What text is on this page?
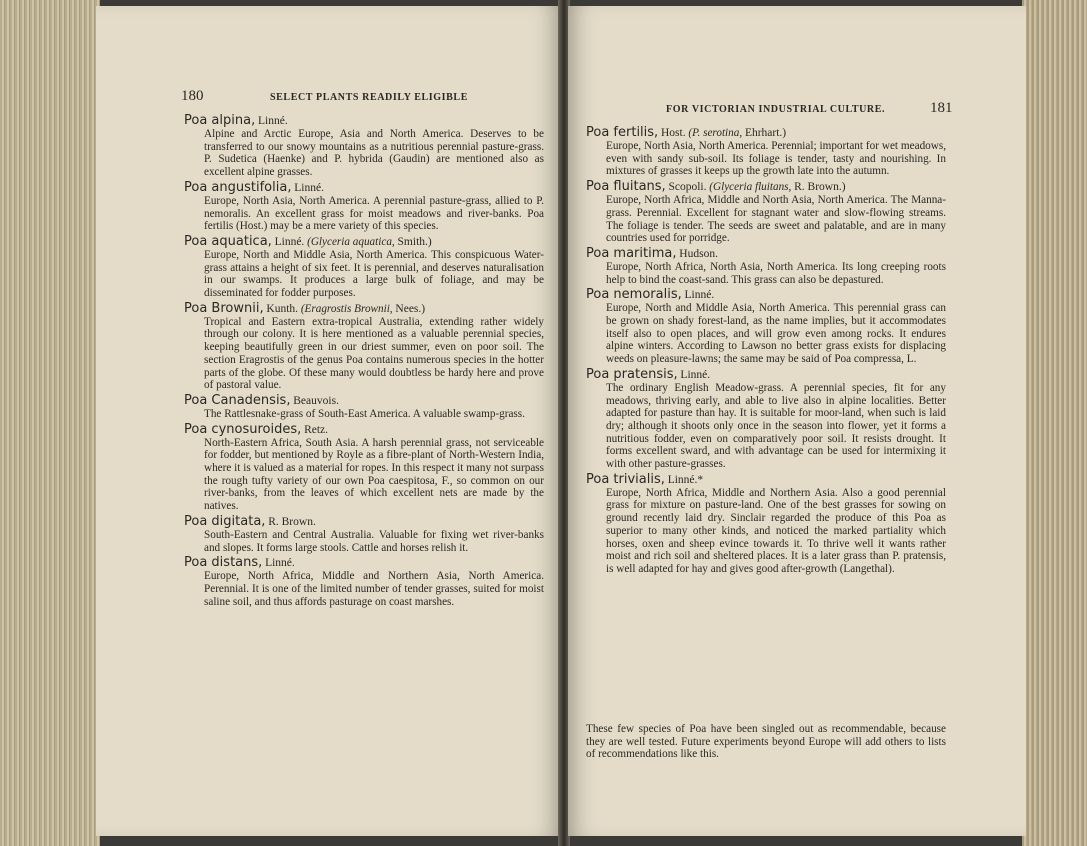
180	SELECT PLANTS READILY ELIGIBLE
Poa alpina, Linné.
Alpine and Arctic Europe, Asia and North America. Deserves to be transferred to our snowy mountains as a nutritious perennial pasture-grass. P. Sudetica (Haenke) and P. hybrida (Gaudin) are mentioned also as excellent alpine grasses.
Poa angustifolia, Linné.
Europe, North Asia, North America. A perennial pasture-grass, allied to P. nemoralis. An excellent grass for moist meadows and river-banks. Poa fertilis (Host.) may be a mere variety of this species.
Poa aquatica, Linné. (Glyceria aquatica, Smith.)
Europe, North and Middle Asia, North America. This conspicuous Water-grass attains a height of six feet. It is perennial, and deserves naturalisation in our swamps. It produces a large bulk of foliage, and may be disseminated for fodder purposes.
Poa Brownii, Kunth. (Eragrostis Brownii, Nees.)
Tropical and Eastern extra-tropical Australia, extending rather widely through our colony. It is here mentioned as a valuable perennial species, keeping beautifully green in our driest summer, even on poor soil. The section Eragrostis of the genus Poa contains numerous species in the hotter parts of the globe. Of these many would doubtless be hardy here and prove of pastoral value.
Poa Canadensis, Beauvois.
The Rattlesnake-grass of South-East America. A valuable swamp-grass.
Poa cynosuroides, Retz.
North-Eastern Africa, South Asia. A harsh perennial grass, not serviceable for fodder, but mentioned by Royle as a fibre-plant of North-Western India, where it is valued as a material for ropes. In this respect it many not surpass the rough tufty variety of our own Poa caespitosa, F., so common on our river-banks, from the leaves of which excellent nets are made by the natives.
Poa digitata, R. Brown.
South-Eastern and Central Australia. Valuable for fixing wet river-banks and slopes. It forms large stools. Cattle and horses relish it.
Poa distans, Linné.
Europe, North Africa, Middle and Northern Asia, North America. Perennial. It is one of the limited number of tender grasses, suited for moist saline soil, and thus affords pasturage on coast marshes.
FOR VICTORIAN INDUSTRIAL CULTURE.	181
Poa fertilis, Host. (P. serotina, Ehrhart.)
Europe, North Asia, North America. Perennial; important for wet meadows, even with sandy sub-soil. Its foliage is tender, tasty and nourishing. In mixtures of grasses it keeps up the growth late into the autumn.
Poa fluitans, Scopoli. (Glyceria fluitans, R. Brown.)
Europe, North Africa, Middle and North Asia, North America. The Manna-grass. Perennial. Excellent for stagnant water and slow-flowing streams. The foliage is tender. The seeds are sweet and palatable, and are in many countries used for porridge.
Poa maritima, Hudson.
Europe, North Africa, North Asia, North America. Its long creeping roots help to bind the coast-sand. This grass can also be depastured.
Poa nemoralis, Linné.
Europe, North and Middle Asia, North America. This perennial grass can be grown on shady forest-land, as the name implies, but it accommodates itself also to open places, and will grow even among rocks. It endures alpine winters. According to Lawson no better grass exists for displacing weeds on pleasure-lawns; the same may be said of Poa compressa, L.
Poa pratensis, Linné.
The ordinary English Meadow-grass. A perennial species, fit for any meadows, thriving early, and able to live also in alpine localities. Better adapted for pasture than hay. It is suitable for moor-land, when such is laid dry; although it shoots only once in the season into flower, yet it forms a nutritious fodder, even on comparatively poor soil. It resists drought. It forms excellent sward, and with advantage can be used for intermixing it with other pasture-grasses.
Poa trivialis, Linné.*
Europe, North Africa, Middle and Northern Asia. Also a good perennial grass for mixture on pasture-land. One of the best grasses for sowing on ground recently laid dry. Sinclair regarded the produce of this Poa as superior to many other kinds, and noticed the marked partiality which horses, oxen and sheep evince towards it. To thrive well it wants rather moist and rich soil and sheltered places. It is a later grass than P. pratensis, is well adapted for hay and gives good after-growth (Langethal).
These few species of Poa have been singled out as recommendable, because they are well tested. Future experiments beyond Europe will add others to lists of recommendations like this.
